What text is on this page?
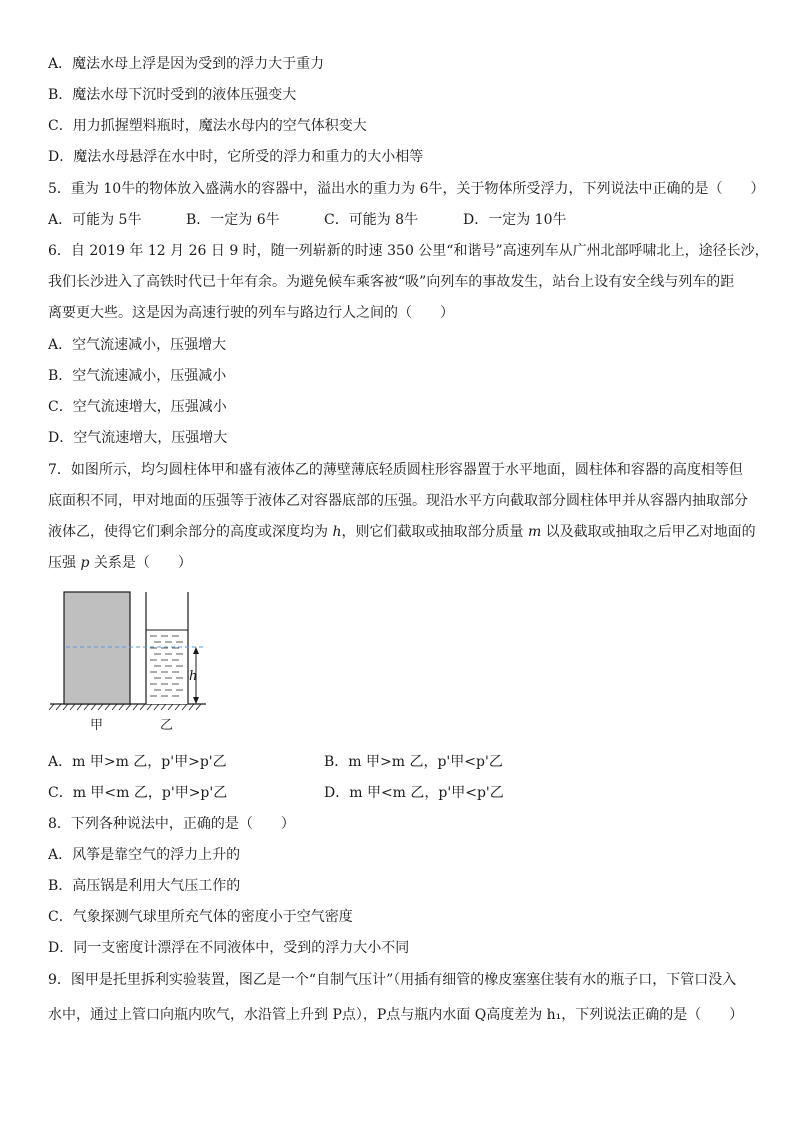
A．魔法水母上浮是因为受到的浮力大于重力
B．魔法水母下沉时受到的液体压强变大
C．用力抓握塑料瓶时，魔法水母内的空气体积变大
D．魔法水母悬浮在水中时，它所受的浮力和重力的大小相等
5．重为 10牛的物体放入盛满水的容器中，溢出水的重力为 6牛，关于物体所受浮力，下列说法中正确的是（　　）
A．可能为 5牛	B．一定为 6牛	C．可能为 8牛	D．一定为 10牛
6．自 2019 年 12 月 26 日 9 时，随一列崭新的时速 350 公里“和谐号”高速列车从广州北部呼啸北上，途径长沙，
我们长沙进入了高铁时代已十年有余。为避免候车乘客被“吸”向列车的事故发生，站台上设有安全线与列车的距
离要更大些。这是因为高速行驶的列车与路边行人之间的（　　）
A．空气流速减小，压强增大
B．空气流速减小，压强减小
C．空气流速增大，压强减小
D．空气流速增大，压强增大
7．如图所示，均匀圆柱体甲和盛有液体乙的薄壁薄底轻质圆柱形容器置于水平地面，圆柱体和容器的高度相等但
底面积不同，甲对地面的压强等于液体乙对容器底部的压强。现沿水平方向截取部分圆柱体甲并从容器内抽取部分
液体乙，使得它们剩余部分的高度或深度均为 h，则它们截取或抽取部分质量 m 以及截取或抽取之后甲乙对地面的
压强 p 关系是（　　）
h
甲	乙
A．m 甲>m 乙，p'甲>p'乙	B．m 甲>m 乙，p'甲<p'乙
C．m 甲<m 乙，p'甲>p'乙	D．m 甲<m 乙，p'甲<p'乙
8．下列各种说法中，正确的是（　　）
A．风筝是靠空气的浮力上升的
B．高压锅是利用大气压工作的
C．气象探测气球里所充气体的密度小于空气密度
D．同一支密度计漂浮在不同液体中，受到的浮力大小不同
9．图甲是托里拆利实验装置，图乙是一个“自制气压计”（用插有细管的橡皮塞塞住装有水的瓶子口，下管口没入
水中，通过上管口向瓶内吹气，水沿管上升到 P点），P点与瓶内水面 Q高度差为 h₁，下列说法正确的是（　　）
